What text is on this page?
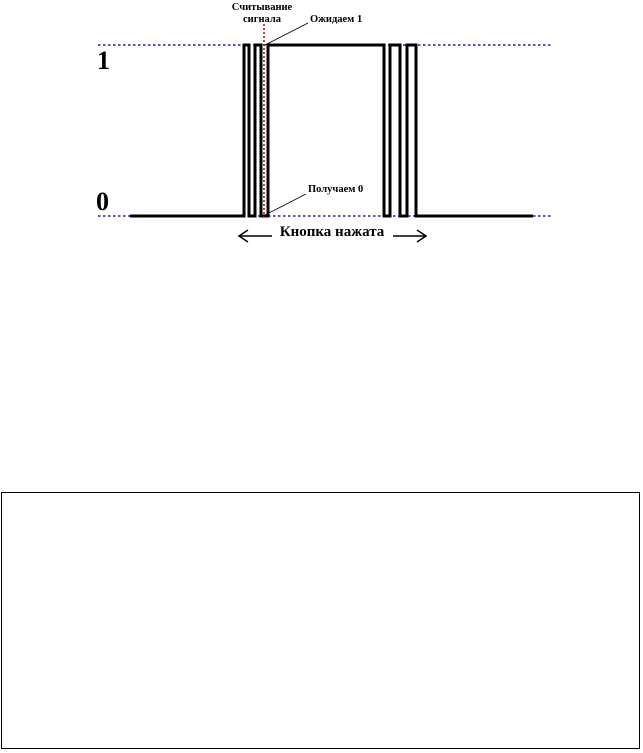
1
0
Считывание
сигнала	Ожидаем 1
Получаем 0
Кнопка нажата
